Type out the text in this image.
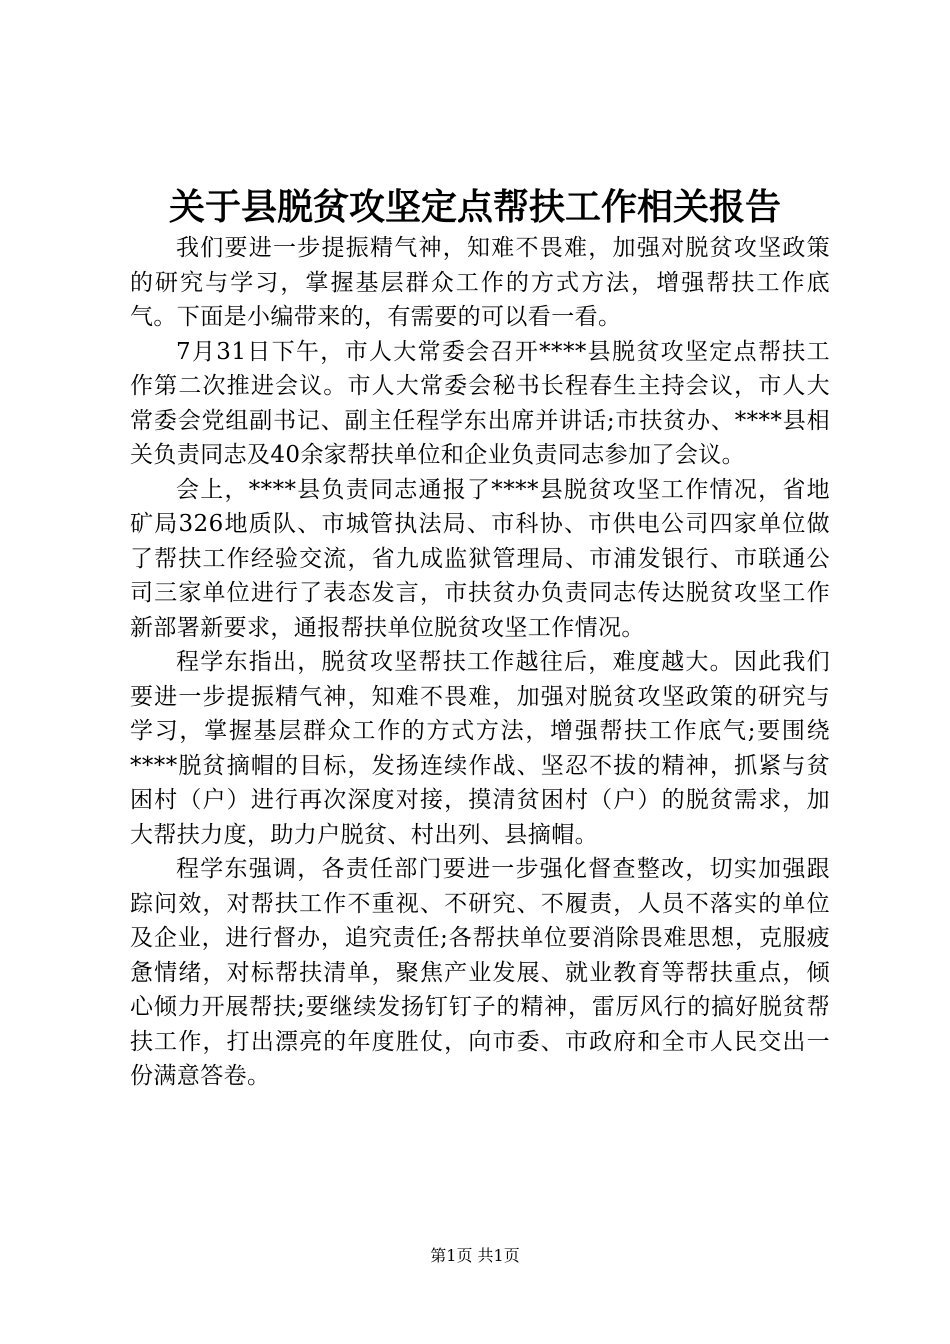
关于县脱贫攻坚定点帮扶工作相关报告

我们要进一步提振精气神，知难不畏难，加强对脱贫攻坚政策的研究与学习，掌握基层群众工作的方式方法，增强帮扶工作底气。下面是小编带来的，有需要的可以看一看。

7月31日下午，市人大常委会召开****县脱贫攻坚定点帮扶工作第二次推进会议。市人大常委会秘书长程春生主持会议，市人大常委会党组副书记、副主任程学东出席并讲话;市扶贫办、****县相关负责同志及40余家帮扶单位和企业负责同志参加了会议。

会上，****县负责同志通报了****县脱贫攻坚工作情况，省地矿局326地质队、市城管执法局、市科协、市供电公司四家单位做了帮扶工作经验交流，省九成监狱管理局、市浦发银行、市联通公司三家单位进行了表态发言，市扶贫办负责同志传达脱贫攻坚工作新部署新要求，通报帮扶单位脱贫攻坚工作情况。

程学东指出，脱贫攻坚帮扶工作越往后，难度越大。因此我们要进一步提振精气神，知难不畏难，加强对脱贫攻坚政策的研究与学习，掌握基层群众工作的方式方法，增强帮扶工作底气;要围绕****脱贫摘帽的目标，发扬连续作战、坚忍不拔的精神，抓紧与贫困村（户）进行再次深度对接，摸清贫困村（户）的脱贫需求，加大帮扶力度，助力户脱贫、村出列、县摘帽。

程学东强调，各责任部门要进一步强化督查整改，切实加强跟踪问效，对帮扶工作不重视、不研究、不履责，人员不落实的单位及企业，进行督办，追究责任;各帮扶单位要消除畏难思想，克服疲惫情绪，对标帮扶清单，聚焦产业发展、就业教育等帮扶重点，倾心倾力开展帮扶;要继续发扬钉钉子的精神，雷厉风行的搞好脱贫帮扶工作，打出漂亮的年度胜仗，向市委、市政府和全市人民交出一份满意答卷。

第1页 共1页
